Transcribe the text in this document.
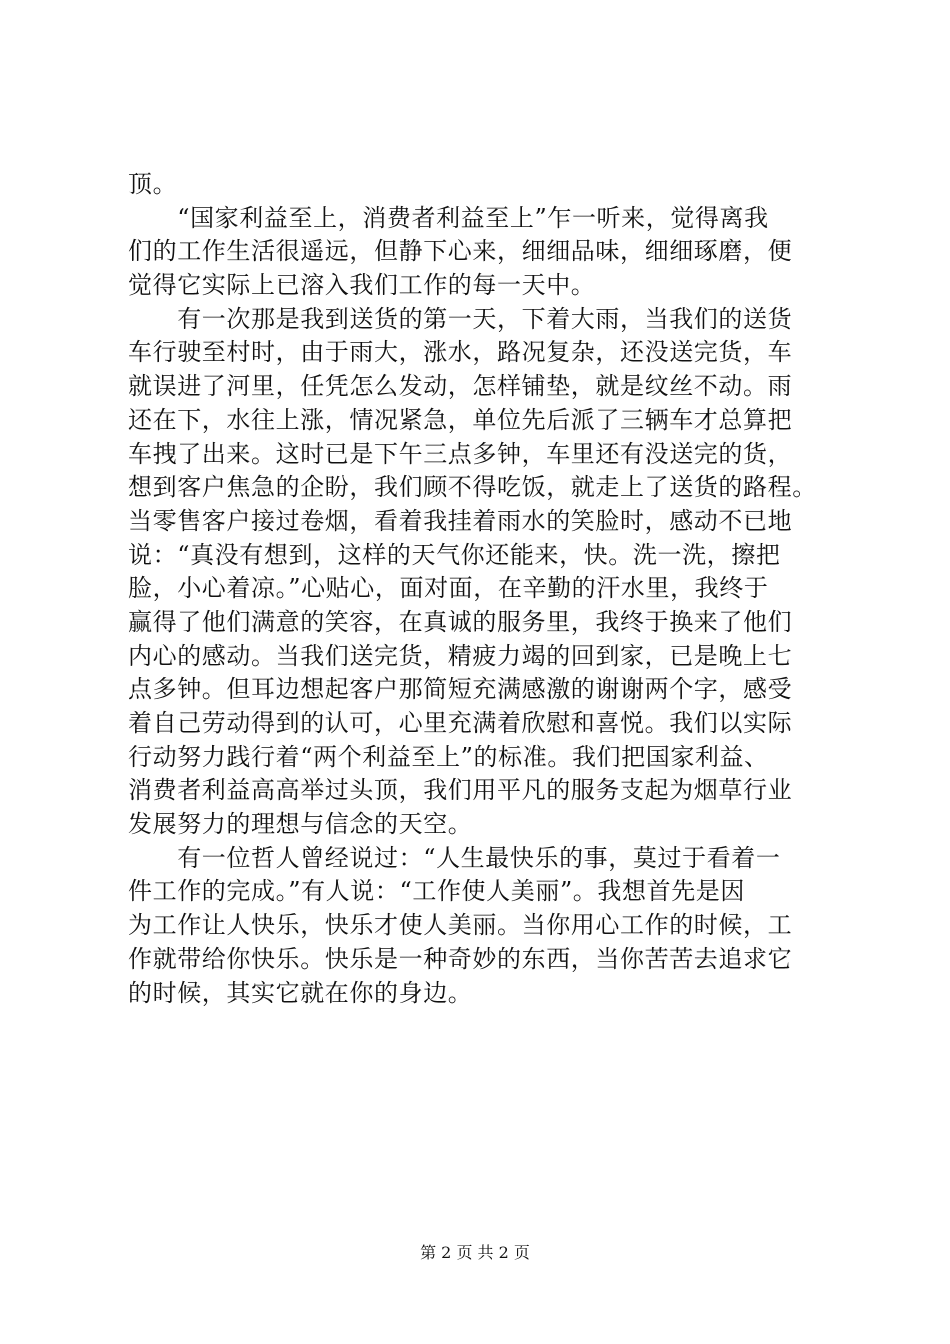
顶。
　　“国家利益至上，消费者利益至上”乍一听来，觉得离我
们的工作生活很遥远，但静下心来，细细品味，细细琢磨，便
觉得它实际上已溶入我们工作的每一天中。
　　有一次那是我到送货的第一天，下着大雨，当我们的送货
车行驶至村时，由于雨大，涨水，路况复杂，还没送完货，车
就误进了河里，任凭怎么发动，怎样铺垫，就是纹丝不动。雨
还在下，水往上涨，情况紧急，单位先后派了三辆车才总算把
车拽了出来。这时已是下午三点多钟，车里还有没送完的货，
想到客户焦急的企盼，我们顾不得吃饭，就走上了送货的路程。
当零售客户接过卷烟，看着我挂着雨水的笑脸时，感动不已地
说：“真没有想到，这样的天气你还能来，快。洗一洗，擦把
脸，小心着凉。”心贴心，面对面，在辛勤的汗水里，我终于
赢得了他们满意的笑容，在真诚的服务里，我终于换来了他们
内心的感动。当我们送完货，精疲力竭的回到家，已是晚上七
点多钟。但耳边想起客户那简短充满感激的谢谢两个字，感受
着自己劳动得到的认可，心里充满着欣慰和喜悦。我们以实际
行动努力践行着“两个利益至上”的标准。我们把国家利益、
消费者利益高高举过头顶，我们用平凡的服务支起为烟草行业
发展努力的理想与信念的天空。
　　有一位哲人曾经说过：“人生最快乐的事，莫过于看着一
件工作的完成。”有人说：“工作使人美丽”。我想首先是因
为工作让人快乐，快乐才使人美丽。当你用心工作的时候，工
作就带给你快乐。快乐是一种奇妙的东西，当你苦苦去追求它
的时候，其实它就在你的身边。
第 2 页 共 2 页
